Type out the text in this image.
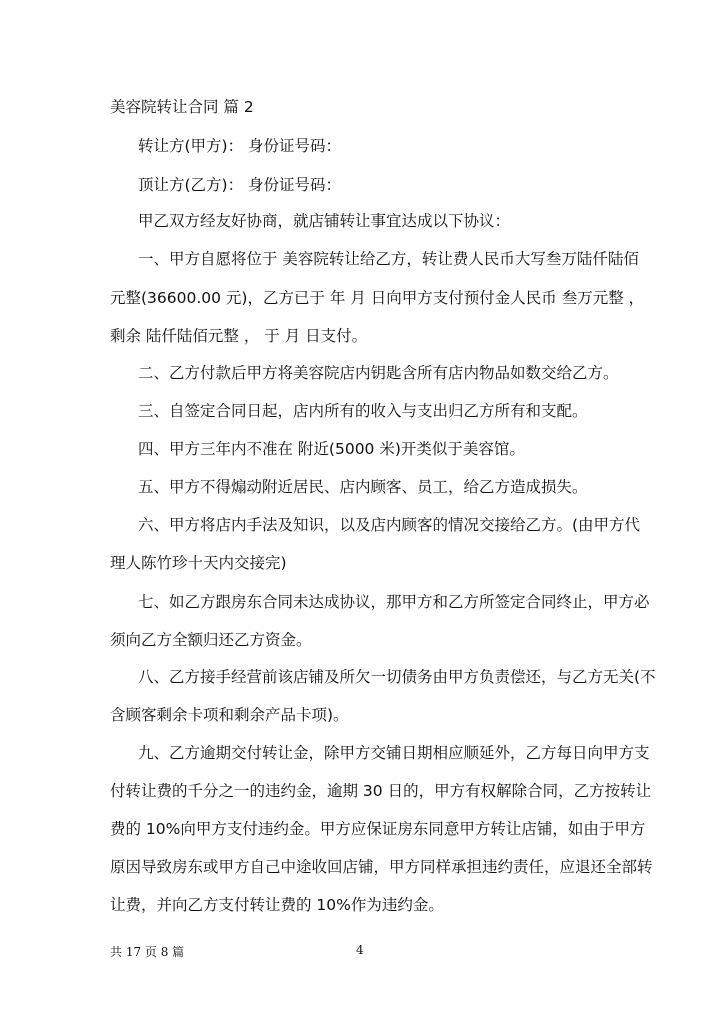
美容院转让合同 篇 2
转让方(甲方)： 身份证号码：
顶让方(乙方)： 身份证号码：
甲乙双方经友好协商，就店铺转让事宜达成以下协议：
一、甲方自愿将位于 美容院转让给乙方，转让费人民币大写叁万陆仟陆佰
元整(36600.00 元)，乙方已于 年 月 日向甲方支付预付金人民币 叁万元整 ，
剩余 陆仟陆佰元整 ， 于 月 日支付。
二、乙方付款后甲方将美容院店内钥匙含所有店内物品如数交给乙方。
三、自签定合同日起，店内所有的收入与支出归乙方所有和支配。
四、甲方三年内不准在 附近(5000 米)开类似于美容馆。
五、甲方不得煽动附近居民、店内顾客、员工，给乙方造成损失。
六、甲方将店内手法及知识，以及店内顾客的情况交接给乙方。(由甲方代
理人陈竹珍十天内交接完)
七、如乙方跟房东合同未达成协议，那甲方和乙方所签定合同终止，甲方必
须向乙方全额归还乙方资金。
八、乙方接手经营前该店铺及所欠一切债务由甲方负责偿还，与乙方无关(不
含顾客剩余卡项和剩余产品卡项)。
九、乙方逾期交付转让金，除甲方交铺日期相应顺延外，乙方每日向甲方支
付转让费的千分之一的违约金，逾期 30 日的，甲方有权解除合同，乙方按转让
费的 10%向甲方支付违约金。甲方应保证房东同意甲方转让店铺，如由于甲方
原因导致房东或甲方自己中途收回店铺，甲方同样承担违约责任，应退还全部转
让费，并向乙方支付转让费的 10%作为违约金。
共 17 页 8 篇	4
